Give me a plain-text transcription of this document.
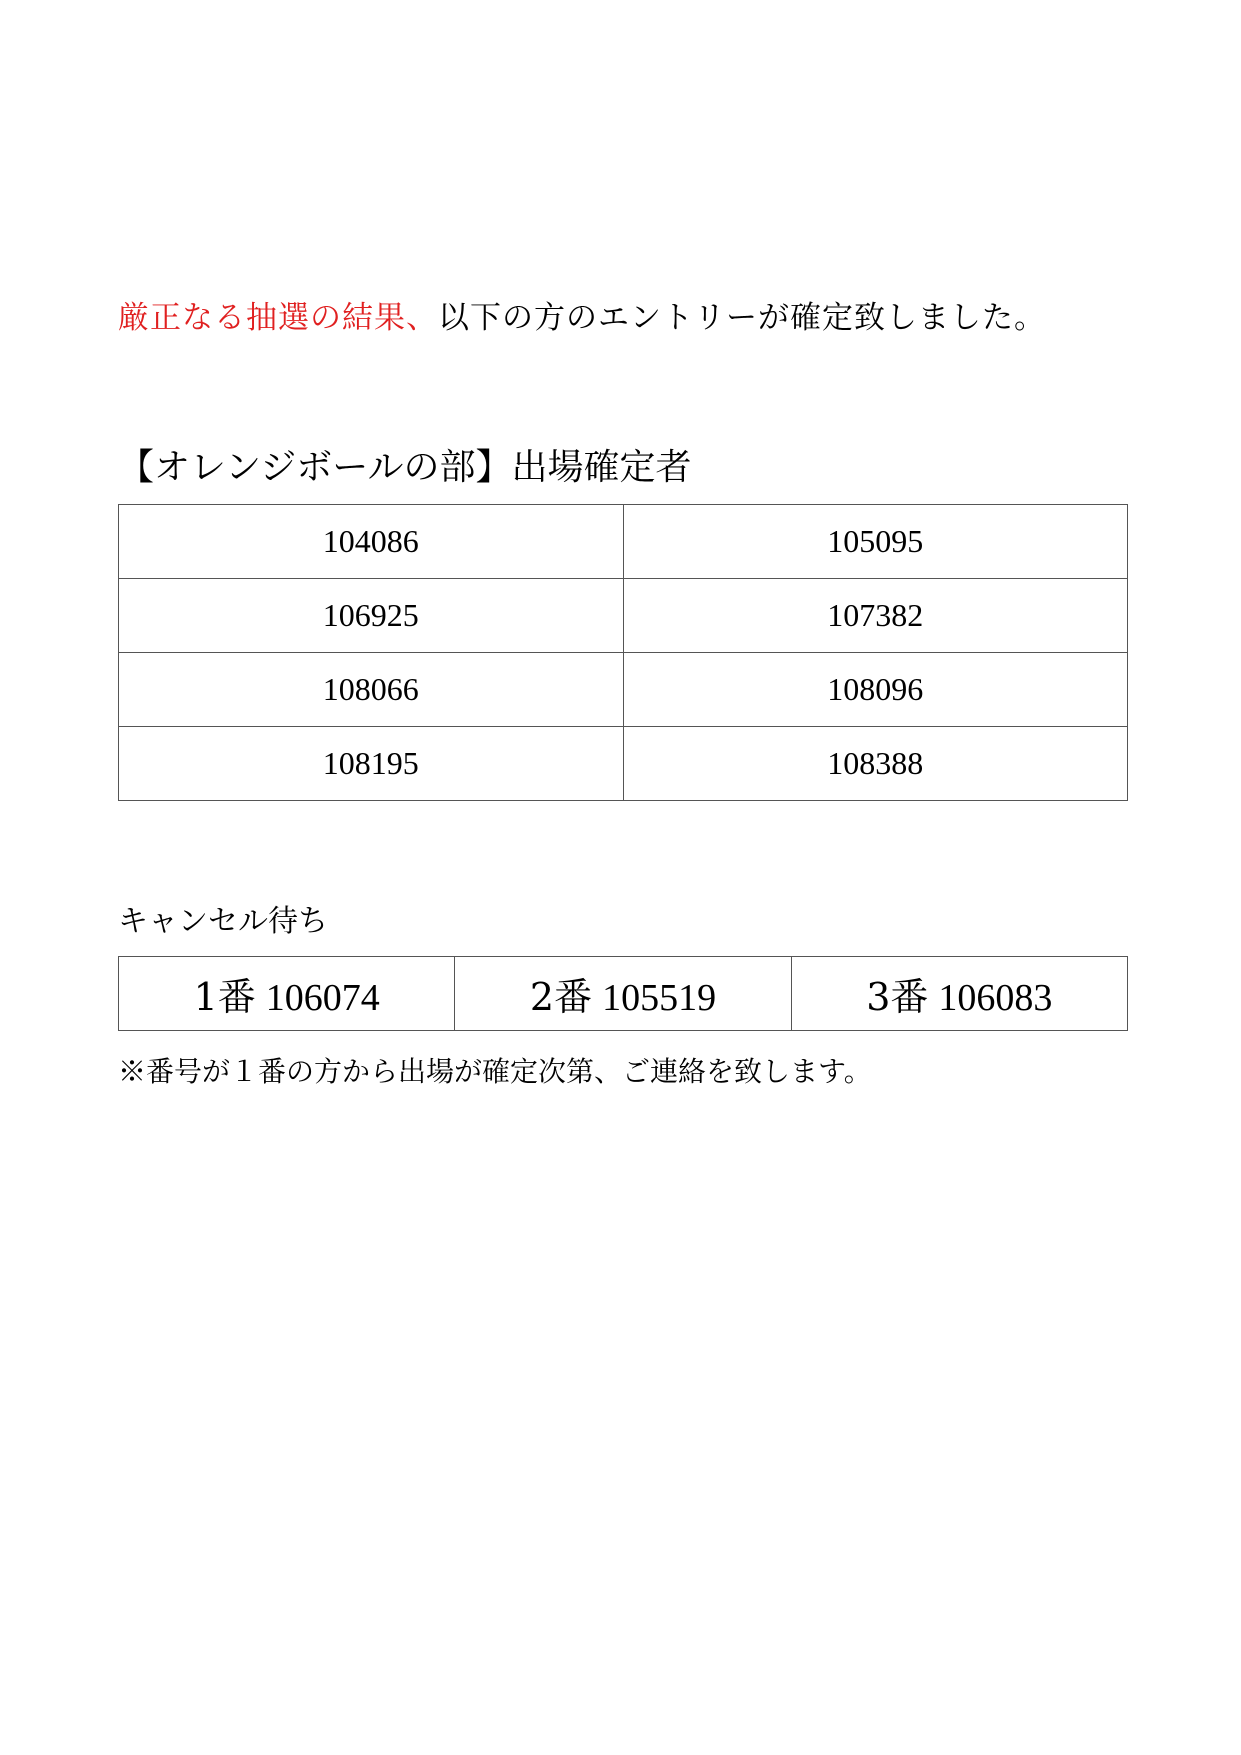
厳正なる抽選の結果、以下の方のエントリーが確定致しました。
【オレンジボールの部】出場確定者
104086	105095
106925	107382
108066	108096
108195	108388
キャンセル待ち
1番 106074	2番 105519	3番 106083
※番号が１番の方から出場が確定次第、ご連絡を致します。
